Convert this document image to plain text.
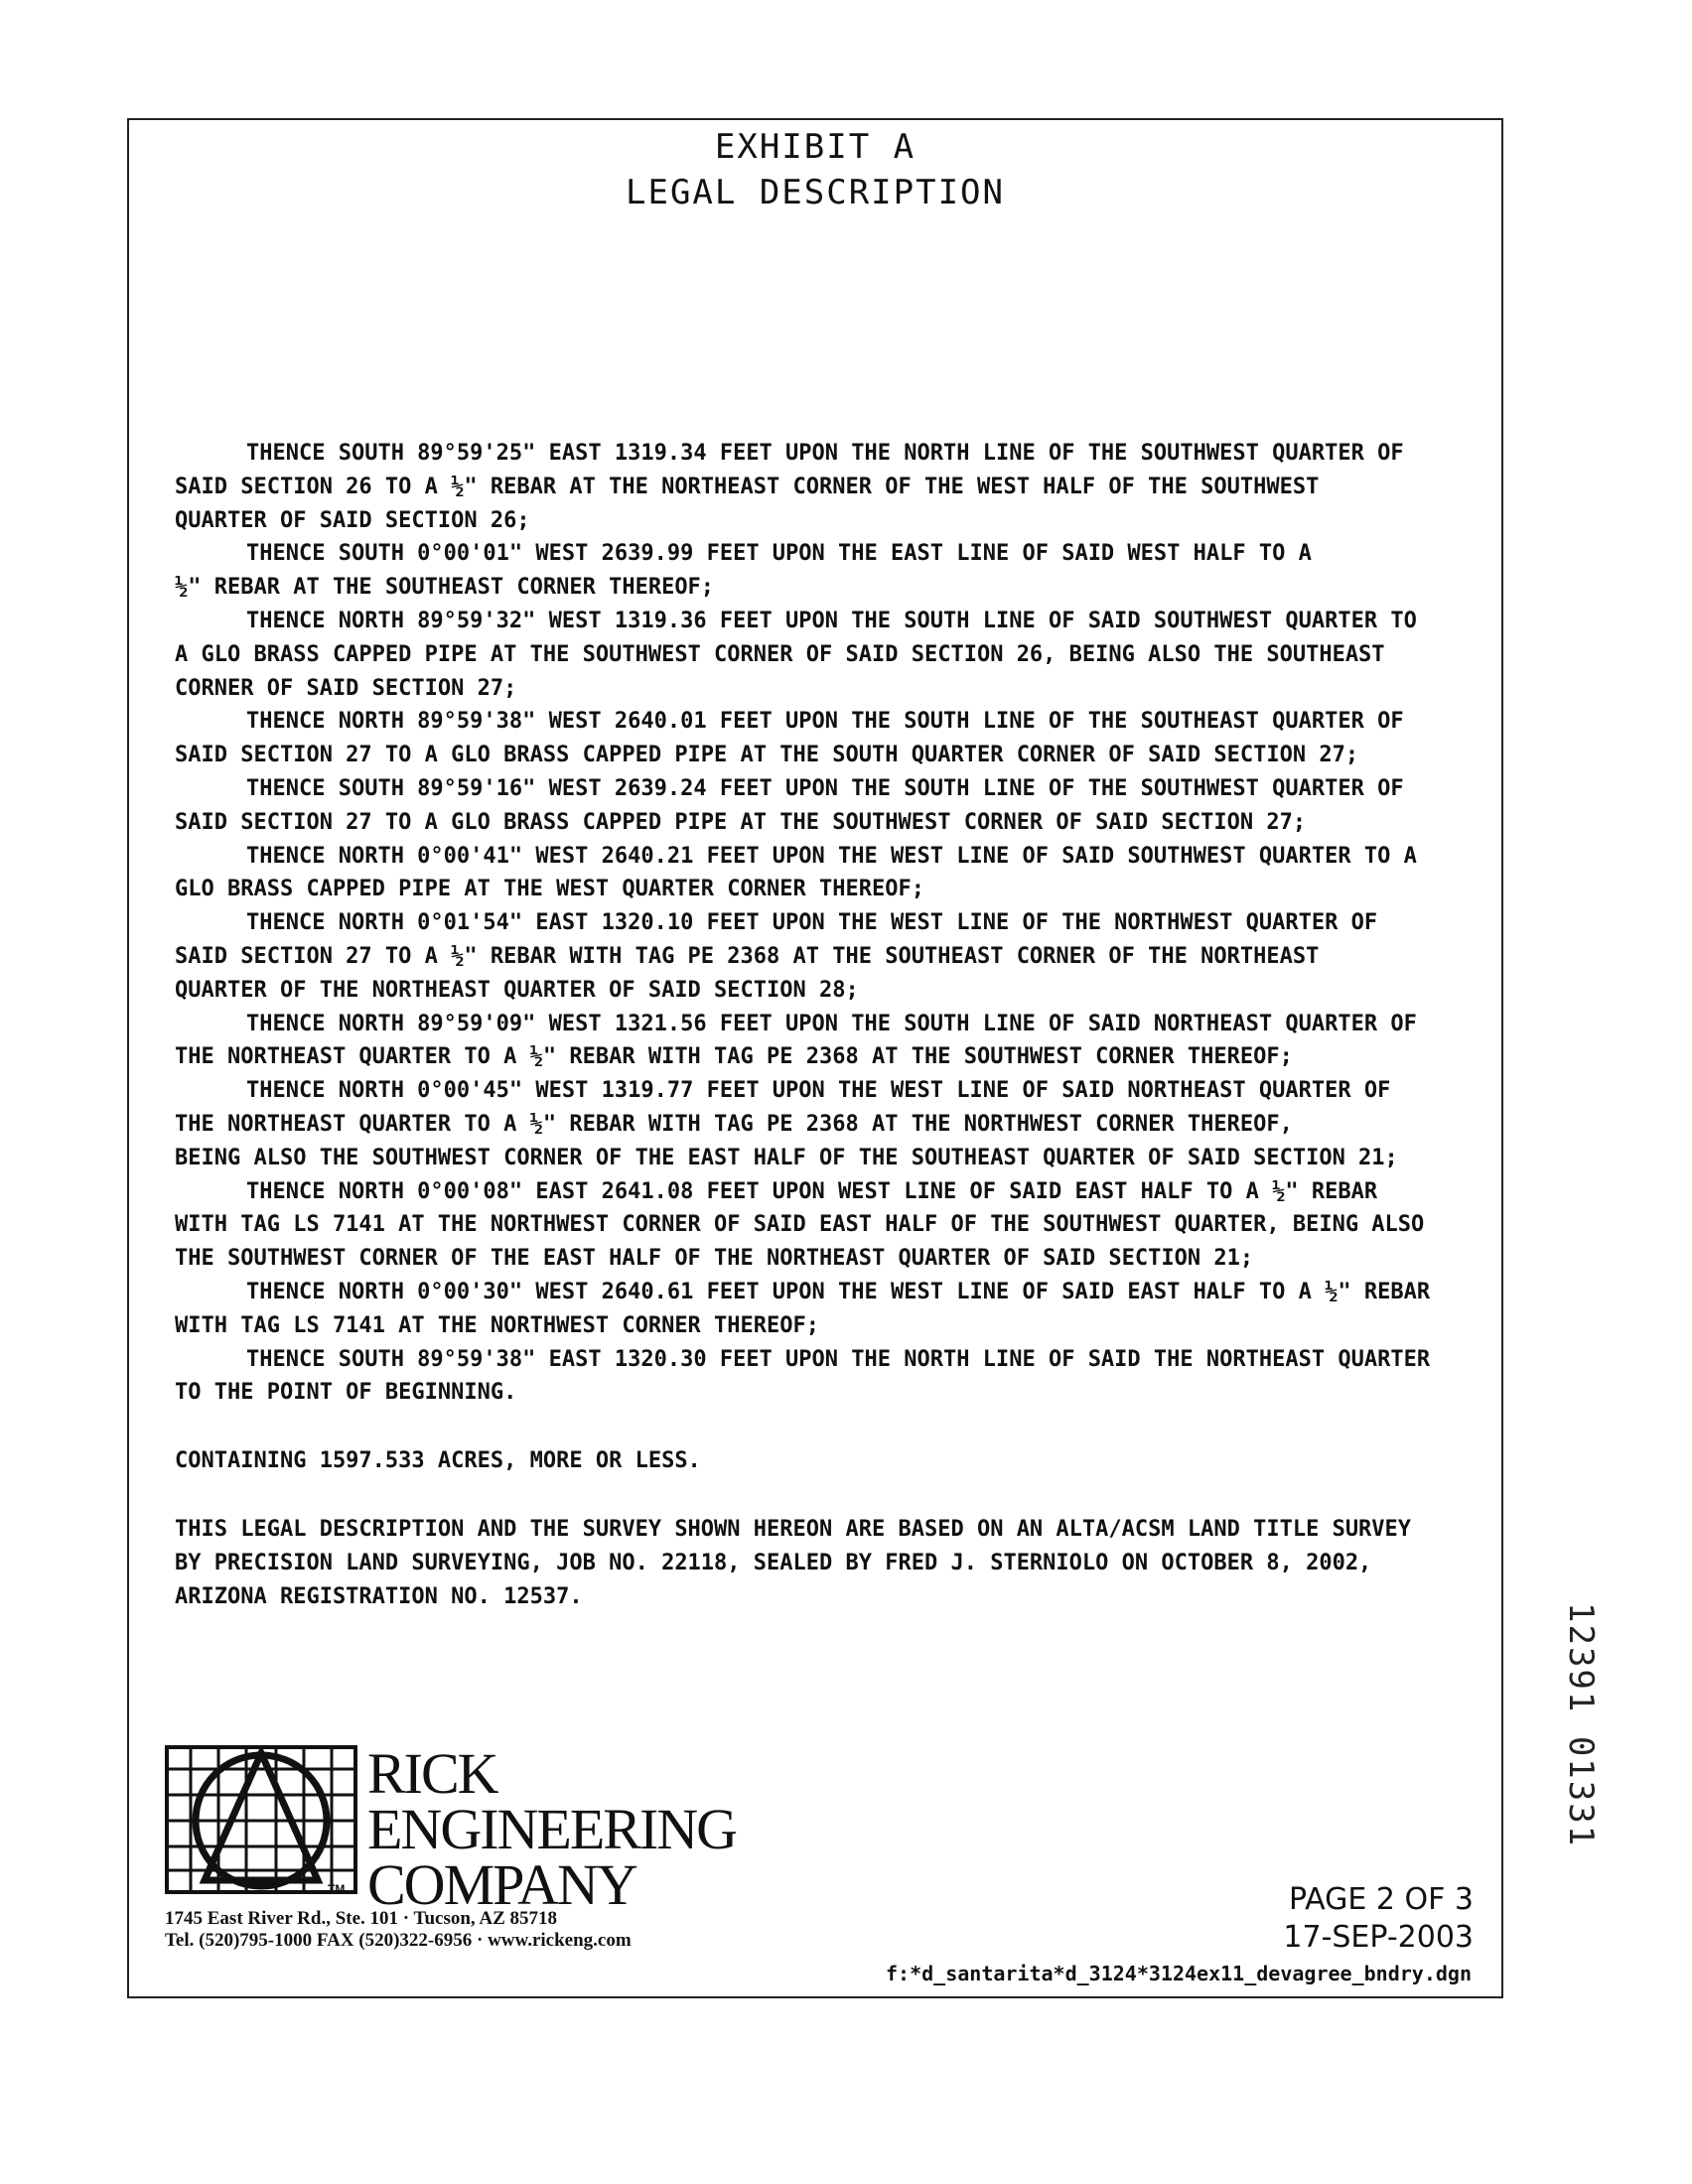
EXHIBIT A
LEGAL DESCRIPTION
THENCE SOUTH 89°59'25" EAST 1319.34 FEET UPON THE NORTH LINE OF THE SOUTHWEST QUARTER OF
SAID SECTION 26 TO A ½" REBAR AT THE NORTHEAST CORNER OF THE WEST HALF OF THE SOUTHWEST
QUARTER OF SAID SECTION 26;
THENCE SOUTH 0°00'01" WEST 2639.99 FEET UPON THE EAST LINE OF SAID WEST HALF TO A
½" REBAR AT THE SOUTHEAST CORNER THEREOF;
THENCE NORTH 89°59'32" WEST 1319.36 FEET UPON THE SOUTH LINE OF SAID SOUTHWEST QUARTER TO
A GLO BRASS CAPPED PIPE AT THE SOUTHWEST CORNER OF SAID SECTION 26, BEING ALSO THE SOUTHEAST
CORNER OF SAID SECTION 27;
THENCE NORTH 89°59'38" WEST 2640.01 FEET UPON THE SOUTH LINE OF THE SOUTHEAST QUARTER OF
SAID SECTION 27 TO A GLO BRASS CAPPED PIPE AT THE SOUTH QUARTER CORNER OF SAID SECTION 27;
THENCE SOUTH 89°59'16" WEST 2639.24 FEET UPON THE SOUTH LINE OF THE SOUTHWEST QUARTER OF
SAID SECTION 27 TO A GLO BRASS CAPPED PIPE AT THE SOUTHWEST CORNER OF SAID SECTION 27;
THENCE NORTH 0°00'41" WEST 2640.21 FEET UPON THE WEST LINE OF SAID SOUTHWEST QUARTER TO A
GLO BRASS CAPPED PIPE AT THE WEST QUARTER CORNER THEREOF;
THENCE NORTH 0°01'54" EAST 1320.10 FEET UPON THE WEST LINE OF THE NORTHWEST QUARTER OF
SAID SECTION 27 TO A ½" REBAR WITH TAG PE 2368 AT THE SOUTHEAST CORNER OF THE NORTHEAST
QUARTER OF THE NORTHEAST QUARTER OF SAID SECTION 28;
THENCE NORTH 89°59'09" WEST 1321.56 FEET UPON THE SOUTH LINE OF SAID NORTHEAST QUARTER OF
THE NORTHEAST QUARTER TO A ½" REBAR WITH TAG PE 2368 AT THE SOUTHWEST CORNER THEREOF;
THENCE NORTH 0°00'45" WEST 1319.77 FEET UPON THE WEST LINE OF SAID NORTHEAST QUARTER OF
THE NORTHEAST QUARTER TO A ½" REBAR WITH TAG PE 2368 AT THE NORTHWEST CORNER THEREOF,
BEING ALSO THE SOUTHWEST CORNER OF THE EAST HALF OF THE SOUTHEAST QUARTER OF SAID SECTION 21;
THENCE NORTH 0°00'08" EAST 2641.08 FEET UPON WEST LINE OF SAID EAST HALF TO A ½" REBAR
WITH TAG LS 7141 AT THE NORTHWEST CORNER OF SAID EAST HALF OF THE SOUTHWEST QUARTER, BEING ALSO
THE SOUTHWEST CORNER OF THE EAST HALF OF THE NORTHEAST QUARTER OF SAID SECTION 21;
THENCE NORTH 0°00'30" WEST 2640.61 FEET UPON THE WEST LINE OF SAID EAST HALF TO A ½" REBAR
WITH TAG LS 7141 AT THE NORTHWEST CORNER THEREOF;
THENCE SOUTH 89°59'38" EAST 1320.30 FEET UPON THE NORTH LINE OF SAID THE NORTHEAST QUARTER
TO THE POINT OF BEGINNING.
CONTAINING 1597.533 ACRES, MORE OR LESS.
THIS LEGAL DESCRIPTION AND THE SURVEY SHOWN HEREON ARE BASED ON AN ALTA/ACSM LAND TITLE SURVEY
BY PRECISION LAND SURVEYING, JOB NO. 22118, SEALED BY FRED J. STERNIOLO ON OCTOBER 8, 2002,
ARIZONA REGISTRATION NO. 12537.
RICK
ENGINEERING
COMPANY
TM
1745 East River Rd., Ste. 101 · Tucson, AZ 85718
Tel. (520)795-1000 FAX (520)322-6956 · www.rickeng.com
PAGE 2 OF 3
17-SEP-2003
f:*d_santarita*d_3124*3124ex11_devagree_bndry.dgn
12391 01331
